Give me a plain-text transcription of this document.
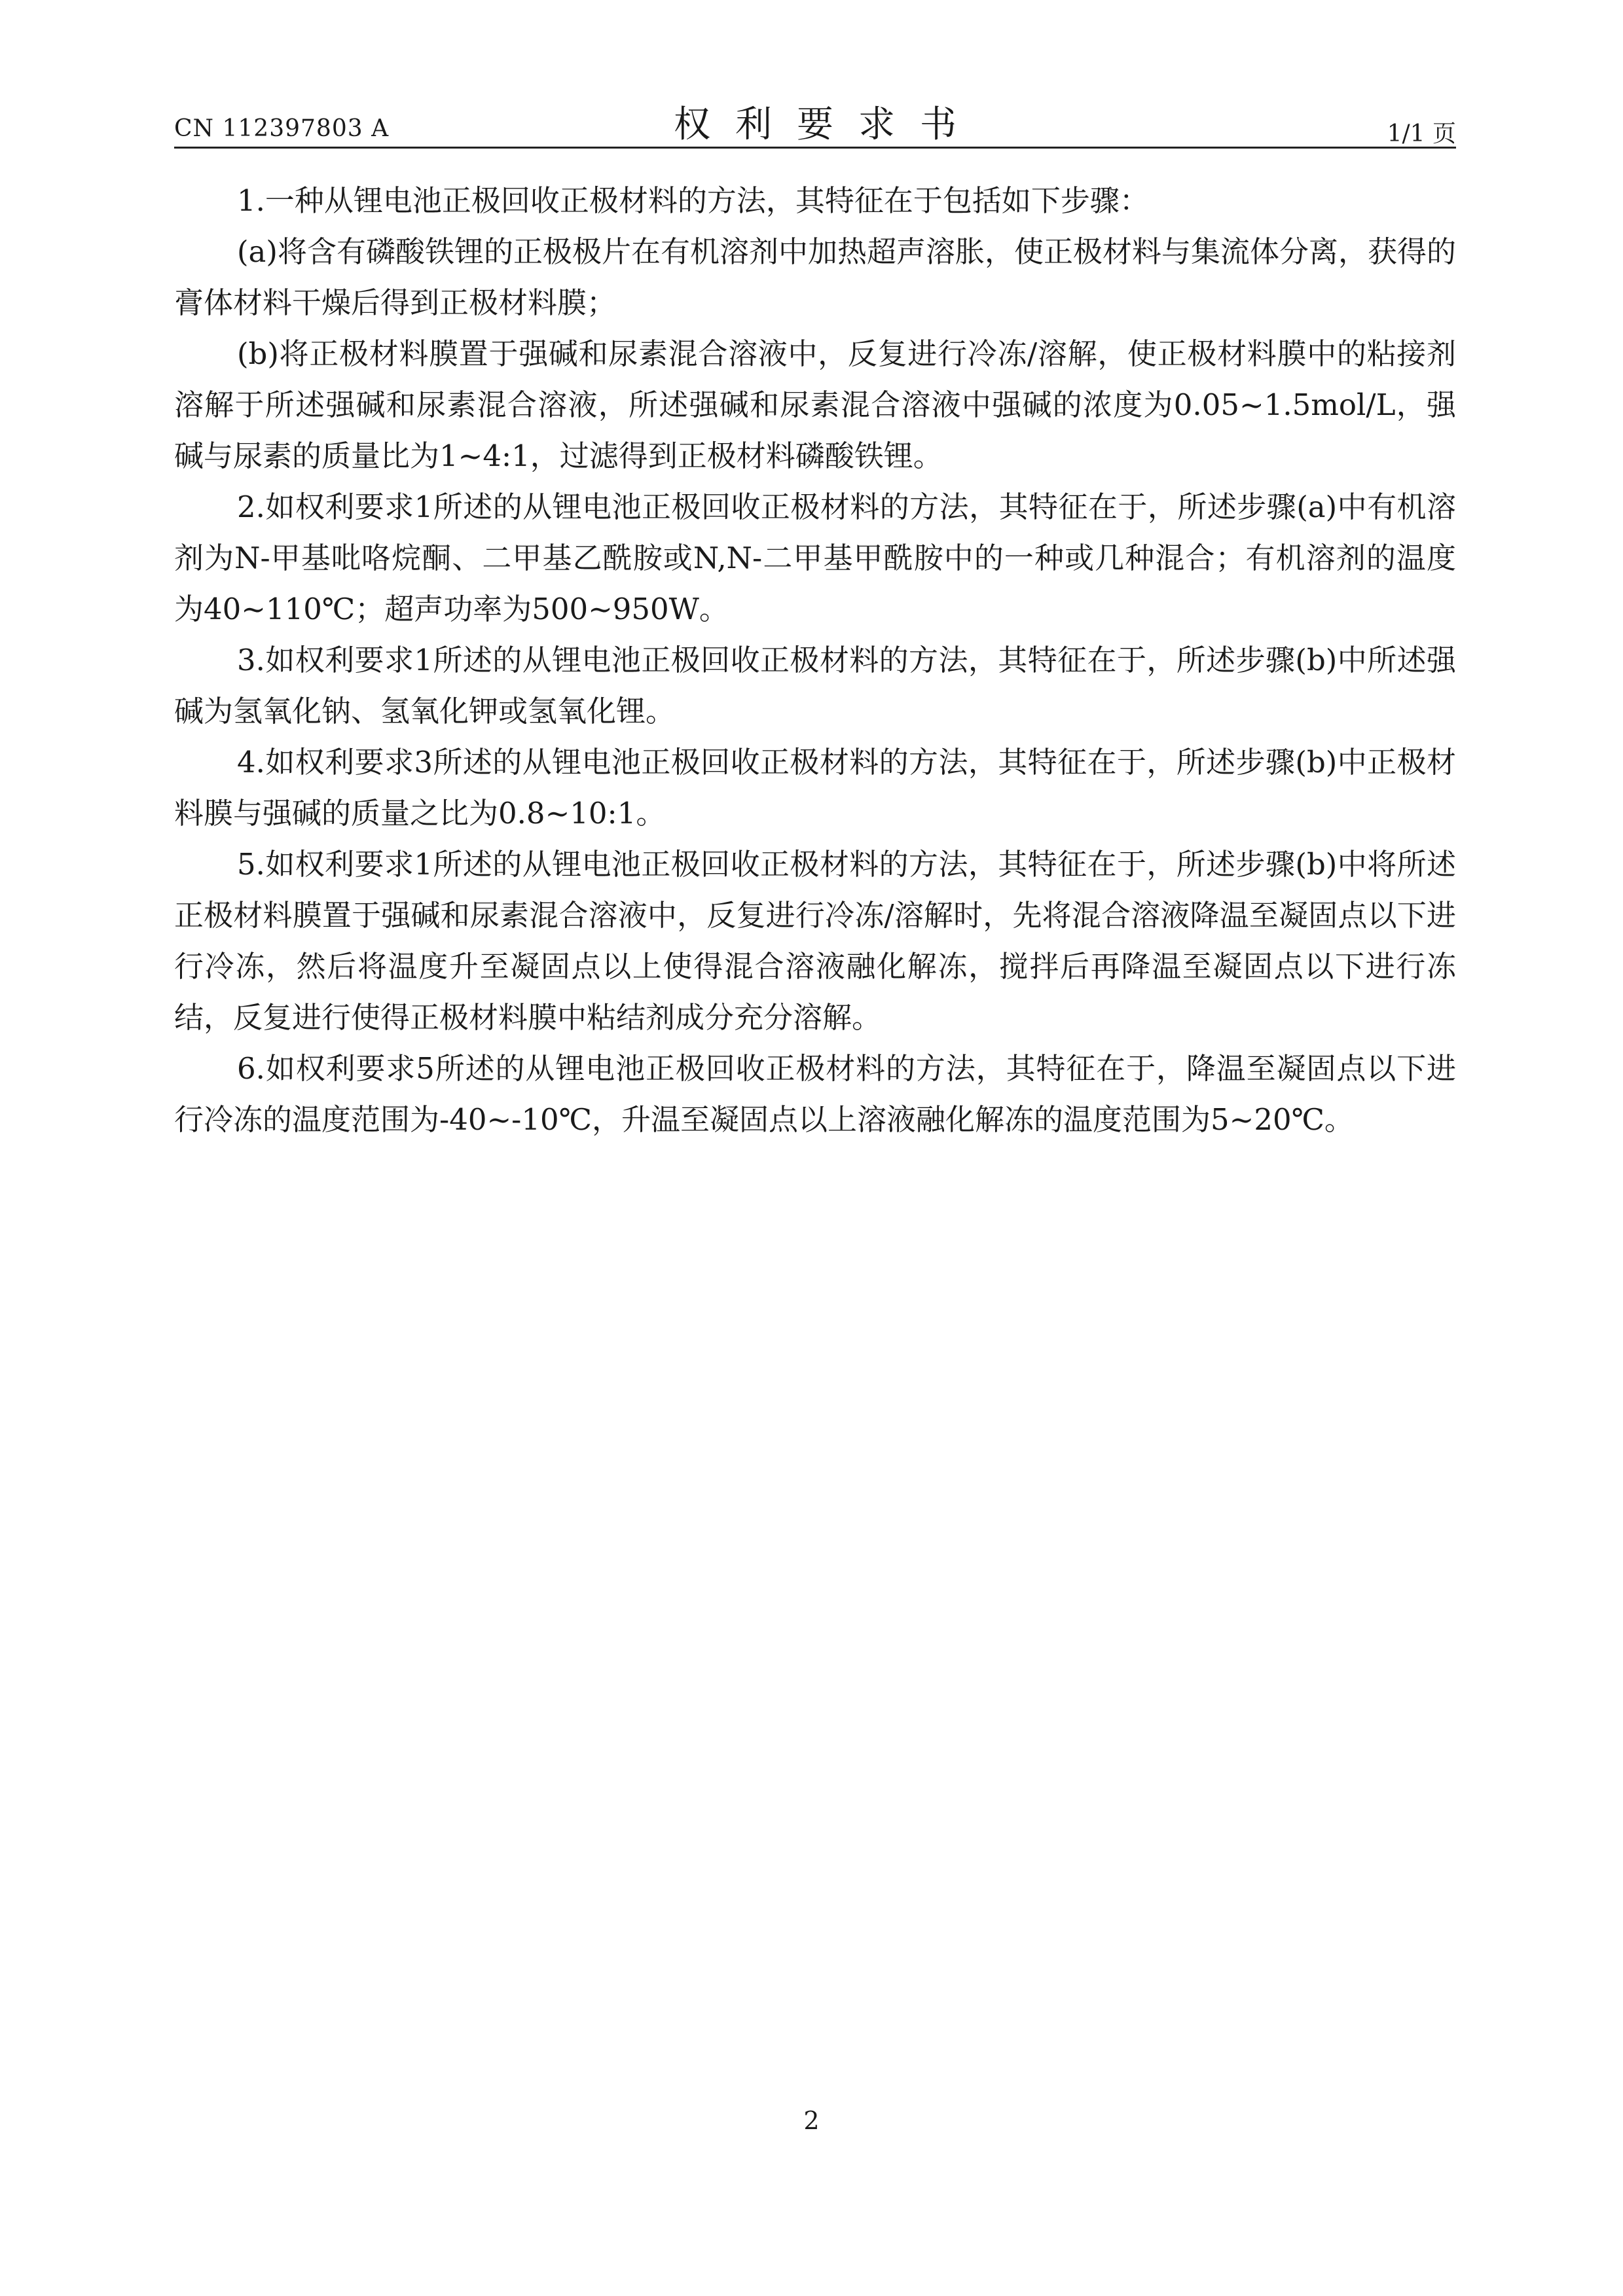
CN 112397803 A	权利要求书	1/1 页

1.一种从锂电池正极回收正极材料的方法，其特征在于包括如下步骤：

(a)将含有磷酸铁锂的正极极片在有机溶剂中加热超声溶胀，使正极材料与集流体分离，获得的膏体材料干燥后得到正极材料膜；

(b)将正极材料膜置于强碱和尿素混合溶液中，反复进行冷冻/溶解，使正极材料膜中的粘接剂溶解于所述强碱和尿素混合溶液，所述强碱和尿素混合溶液中强碱的浓度为0.05~1.5mol/L，强碱与尿素的质量比为1~4:1，过滤得到正极材料磷酸铁锂。

2.如权利要求1所述的从锂电池正极回收正极材料的方法，其特征在于，所述步骤(a)中有机溶剂为N-甲基吡咯烷酮、二甲基乙酰胺或N,N-二甲基甲酰胺中的一种或几种混合；有机溶剂的温度为40~110℃；超声功率为500~950W。

3.如权利要求1所述的从锂电池正极回收正极材料的方法，其特征在于，所述步骤(b)中所述强碱为氢氧化钠、氢氧化钾或氢氧化锂。

4.如权利要求3所述的从锂电池正极回收正极材料的方法，其特征在于，所述步骤(b)中正极材料膜与强碱的质量之比为0.8~10:1。

5.如权利要求1所述的从锂电池正极回收正极材料的方法，其特征在于，所述步骤(b)中将所述正极材料膜置于强碱和尿素混合溶液中，反复进行冷冻/溶解时，先将混合溶液降温至凝固点以下进行冷冻，然后将温度升至凝固点以上使得混合溶液融化解冻，搅拌后再降温至凝固点以下进行冻结，反复进行使得正极材料膜中粘结剂成分充分溶解。

6.如权利要求5所述的从锂电池正极回收正极材料的方法，其特征在于，降温至凝固点以下进行冷冻的温度范围为-40~-10℃，升温至凝固点以上溶液融化解冻的温度范围为5~20℃。

2
